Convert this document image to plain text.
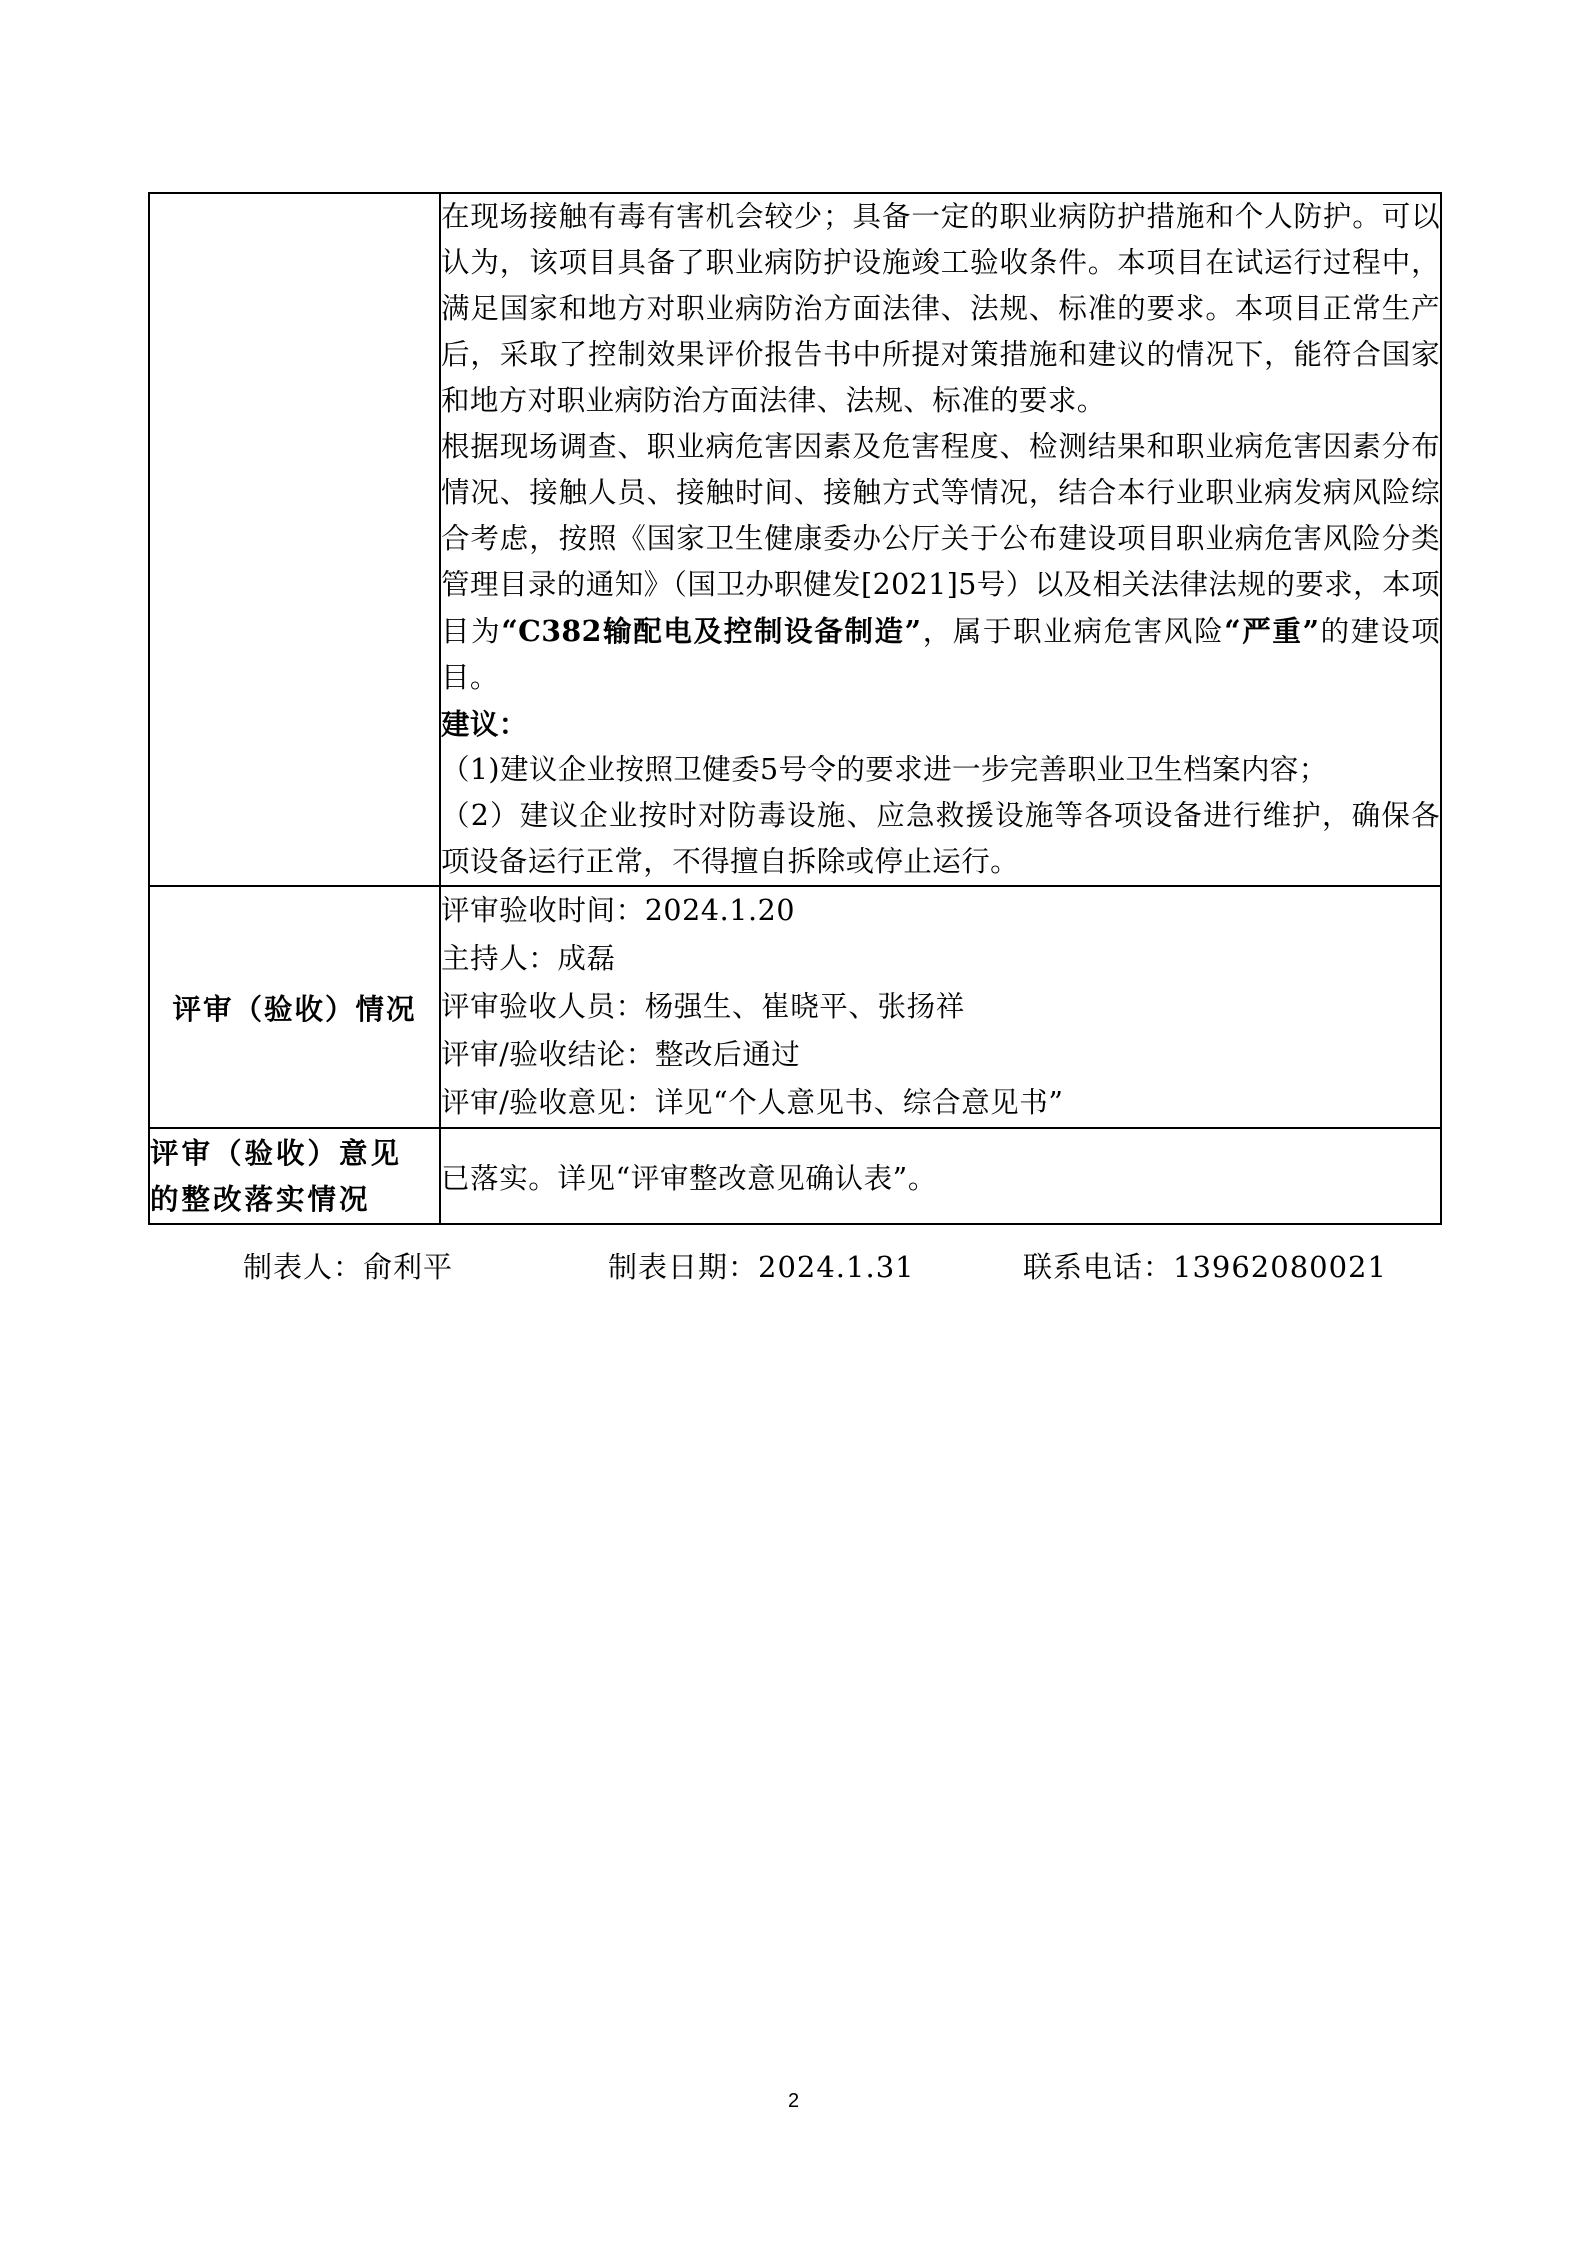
	在现场接触有毒有害机会较少；具备一定的职业病防护措施和个人防护。可以认为，该项目具备了职业病防护设施竣工验收条件。本项目在试运行过程中，满足国家和地方对职业病防治方面法律、法规、标准的要求。本项目正常生产后，采取了控制效果评价报告书中所提对策措施和建议的情况下，能符合国家和地方对职业病防治方面法律、法规、标准的要求。

根据现场调查、职业病危害因素及危害程度、检测结果和职业病危害因素分布情况、接触人员、接触时间、接触方式等情况，结合本行业职业病发病风险综合考虑，按照《国家卫生健康委办公厅关于公布建设项目职业病危害风险分类管理目录的通知》（国卫办职健发[2021]5号）以及相关法律法规的要求，本项目为“C382输配电及控制设备制造”，属于职业病危害风险“严重”的建设项目。

建议：

（1)建议企业按照卫健委5号令的要求进一步完善职业卫生档案内容；

（2）建议企业按时对防毒设施、应急救援设施等各项设备进行维护，确保各项设备运行正常，不得擅自拆除或停止运行。

评审（验收）情况	评审验收时间：2024.1.20
主持人：成磊
评审验收人员：杨强生、崔晓平、张扬祥
评审/验收结论：整改后通过
评审/验收意见：详见“个人意见书、综合意见书”

评审（验收）意见
的整改落实情况	已落实。详见“评审整改意见确认表”。
制表人：俞利平	制表日期：2024.1.31	联系电话：13962080021
2
